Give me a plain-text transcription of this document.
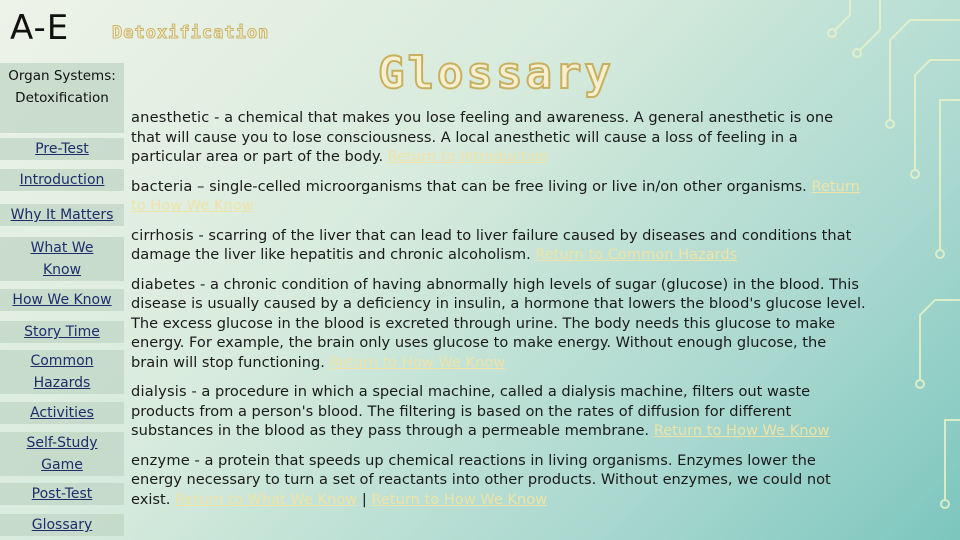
A-E	Detoxification
Glossary
Organ Systems: Detoxification
Pre-Test
Introduction
Why It Matters
What We Know
How We Know
Story Time
Common Hazards
Activities
Self-Study Game
Post-Test
Glossary

anesthetic - a chemical that makes you lose feeling and awareness. A general anesthetic is one that will cause you to lose consciousness. A local anesthetic will cause a loss of feeling in a particular area or part of the body. Return to Introduction

bacteria – single-celled microorganisms that can be free living or live in/on other organisms. Return to How We Know

cirrhosis - scarring of the liver that can lead to liver failure caused by diseases and conditions that damage the liver like hepatitis and chronic alcoholism. Return to Common Hazards

diabetes - a chronic condition of having abnormally high levels of sugar (glucose) in the blood. This disease is usually caused by a deficiency in insulin, a hormone that lowers the blood's glucose level. The excess glucose in the blood is excreted through urine. The body needs this glucose to make energy. For example, the brain only uses glucose to make energy. Without enough glucose, the brain will stop functioning. Return to How We Know

dialysis - a procedure in which a special machine, called a dialysis machine, filters out waste products from a person's blood. The filtering is based on the rates of diffusion for different substances in the blood as they pass through a permeable membrane. Return to How We Know

enzyme - a protein that speeds up chemical reactions in living organisms. Enzymes lower the energy necessary to turn a set of reactants into other products. Without enzymes, we could not exist. Return to What We Know | Return to How We Know
